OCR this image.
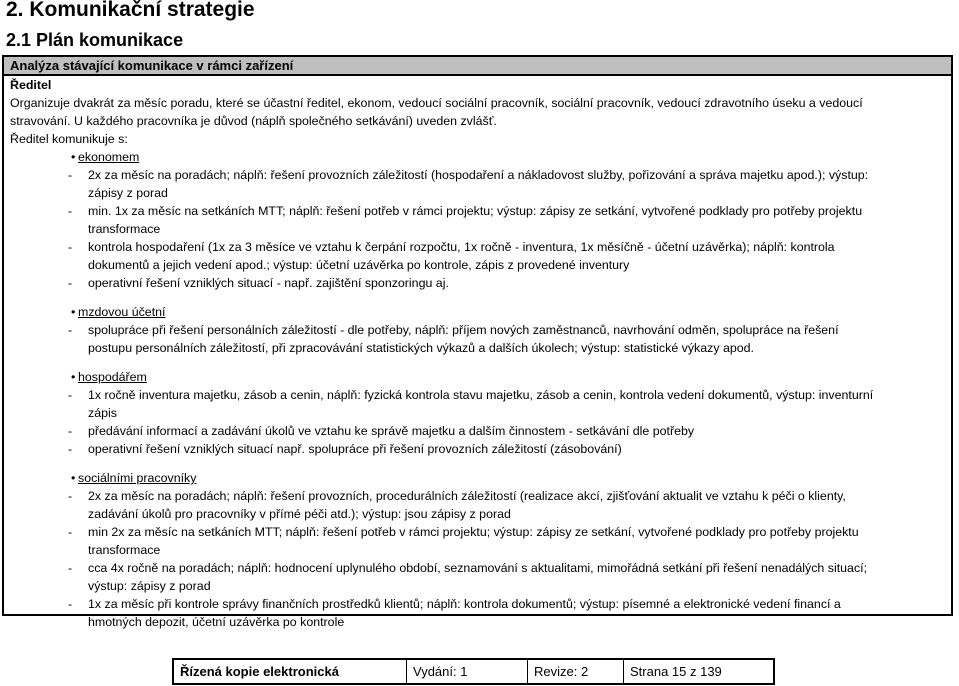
2. Komunikační strategie
2.1 Plán komunikace
Analýza stávající komunikace v rámci zařízení
Ředitel
Organizuje dvakrát za měsíc poradu, které se účastní ředitel, ekonom, vedoucí sociální pracovník, sociální pracovník, vedoucí zdravotního úseku a vedoucí
stravování. U každého pracovníka je důvod (náplň společného setkávání) uveden zvlášť.
Ředitel komunikuje s:
• ekonomem
- 2x za měsíc na poradách; náplň: řešení provozních záležitostí (hospodaření a nákladovost služby, pořizování a správa majetku apod.); výstup:
zápisy z porad
- min. 1x za měsíc na setkáních MTT; náplň: řešení potřeb v rámci projektu; výstup: zápisy ze setkání, vytvořené podklady pro potřeby projektu
transformace
- kontrola hospodaření (1x za 3 měsíce ve vztahu k čerpání rozpočtu, 1x ročně - inventura, 1x měsíčně - účetní uzávěrka); náplň: kontrola
dokumentů a jejich vedení apod.; výstup: účetní uzávěrka po kontrole, zápis z provedené inventury
- operativní řešení vzniklých situací - např. zajištění sponzoringu aj.
• mzdovou účetní
- spolupráce při řešení personálních záležitostí - dle potřeby, náplň: příjem nových zaměstnanců, navrhování odměn, spolupráce na řešení
postupu personálních záležitostí, při zpracovávání statistických výkazů a dalších úkolech; výstup: statistické výkazy apod.
• hospodářem
- 1x ročně inventura majetku, zásob a cenin, náplň: fyzická kontrola stavu majetku, zásob a cenin, kontrola vedení dokumentů, výstup: inventurní
zápis
- předávání informací a zadávání úkolů ve vztahu ke správě majetku a dalším činnostem - setkávání dle potřeby
- operativní řešení vzniklých situací např. spolupráce při řešení provozních záležitostí (zásobování)
• sociálními pracovníky
- 2x za měsíc na poradách; náplň: řešení provozních, procedurálních záležitostí (realizace akcí, zjišťování aktualit ve vztahu k péči o klienty,
zadávání úkolů pro pracovníky v přímé péči atd.); výstup: jsou zápisy z porad
- min 2x za měsíc na setkáních MTT; náplň: řešení potřeb v rámci projektu; výstup: zápisy ze setkání, vytvořené podklady pro potřeby projektu
transformace
- cca 4x ročně na poradách; náplň: hodnocení uplynulého období, seznamování s aktualitami, mimořádná setkání při řešení nenadálých situací;
výstup: zápisy z porad
- 1x za měsíc při kontrole správy finančních prostředků klientů; náplň: kontrola dokumentů; výstup: písemné a elektronické vedení financí a
hmotných depozit, účetní uzávěrka po kontrole
Řízená kopie elektronická	Vydání: 1	Revize: 2	Strana 15 z 139
